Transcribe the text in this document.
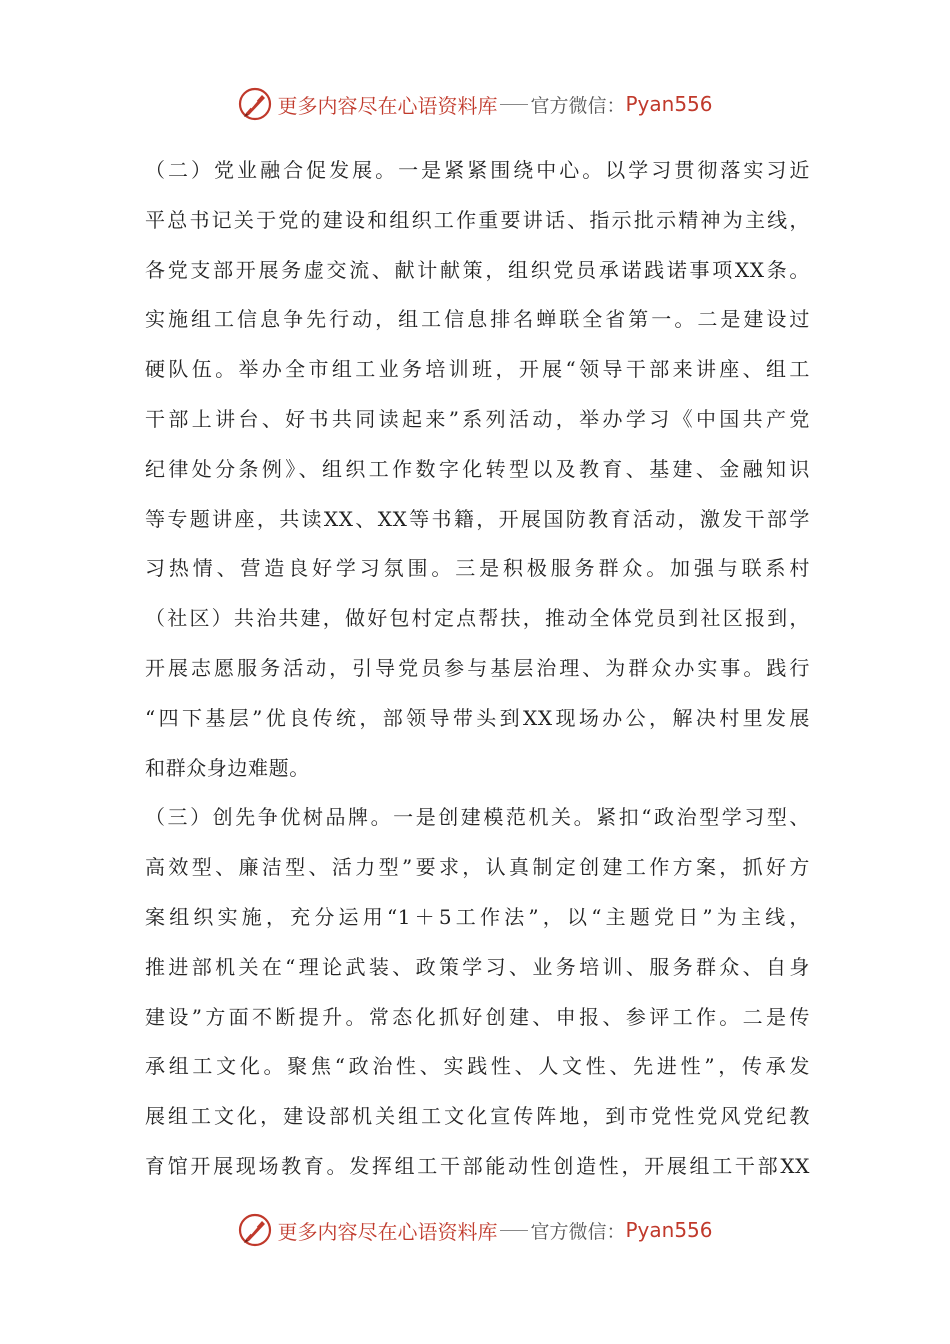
更多内容尽在心语资料库 官方微信： Pyan556
（二）党业融合促发展。一是紧紧围绕中心。以学习贯彻落实习近
平总书记关于党的建设和组织工作重要讲话、指示批示精神为主线，
各党支部开展务虚交流、献计献策，组织党员承诺践诺事项XX条。
实施组工信息争先行动，组工信息排名蝉联全省第一。二是建设过
硬队伍。举办全市组工业务培训班，开展“领导干部来讲座、组工
干部上讲台、好书共同读起来”系列活动，举办学习《中国共产党
纪律处分条例》、组织工作数字化转型以及教育、基建、金融知识
等专题讲座，共读XX、XX等书籍，开展国防教育活动，激发干部学
习热情、营造良好学习氛围。三是积极服务群众。加强与联系村
（社区）共治共建，做好包村定点帮扶，推动全体党员到社区报到，
开展志愿服务活动，引导党员参与基层治理、为群众办实事。践行
“四下基层”优良传统，部领导带头到XX现场办公，解决村里发展
和群众身边难题。
（三）创先争优树品牌。一是创建模范机关。紧扣“政治型学习型、
高效型、廉洁型、活力型”要求，认真制定创建工作方案，抓好方
案组织实施，充分运用“1＋5工作法”，以“主题党日”为主线，
推进部机关在“理论武装、政策学习、业务培训、服务群众、自身
建设”方面不断提升。常态化抓好创建、申报、参评工作。二是传
承组工文化。聚焦“政治性、实践性、人文性、先进性”，传承发
展组工文化，建设部机关组工文化宣传阵地，到市党性党风党纪教
育馆开展现场教育。发挥组工干部能动性创造性，开展组工干部XX
更多内容尽在心语资料库 官方微信： Pyan556
